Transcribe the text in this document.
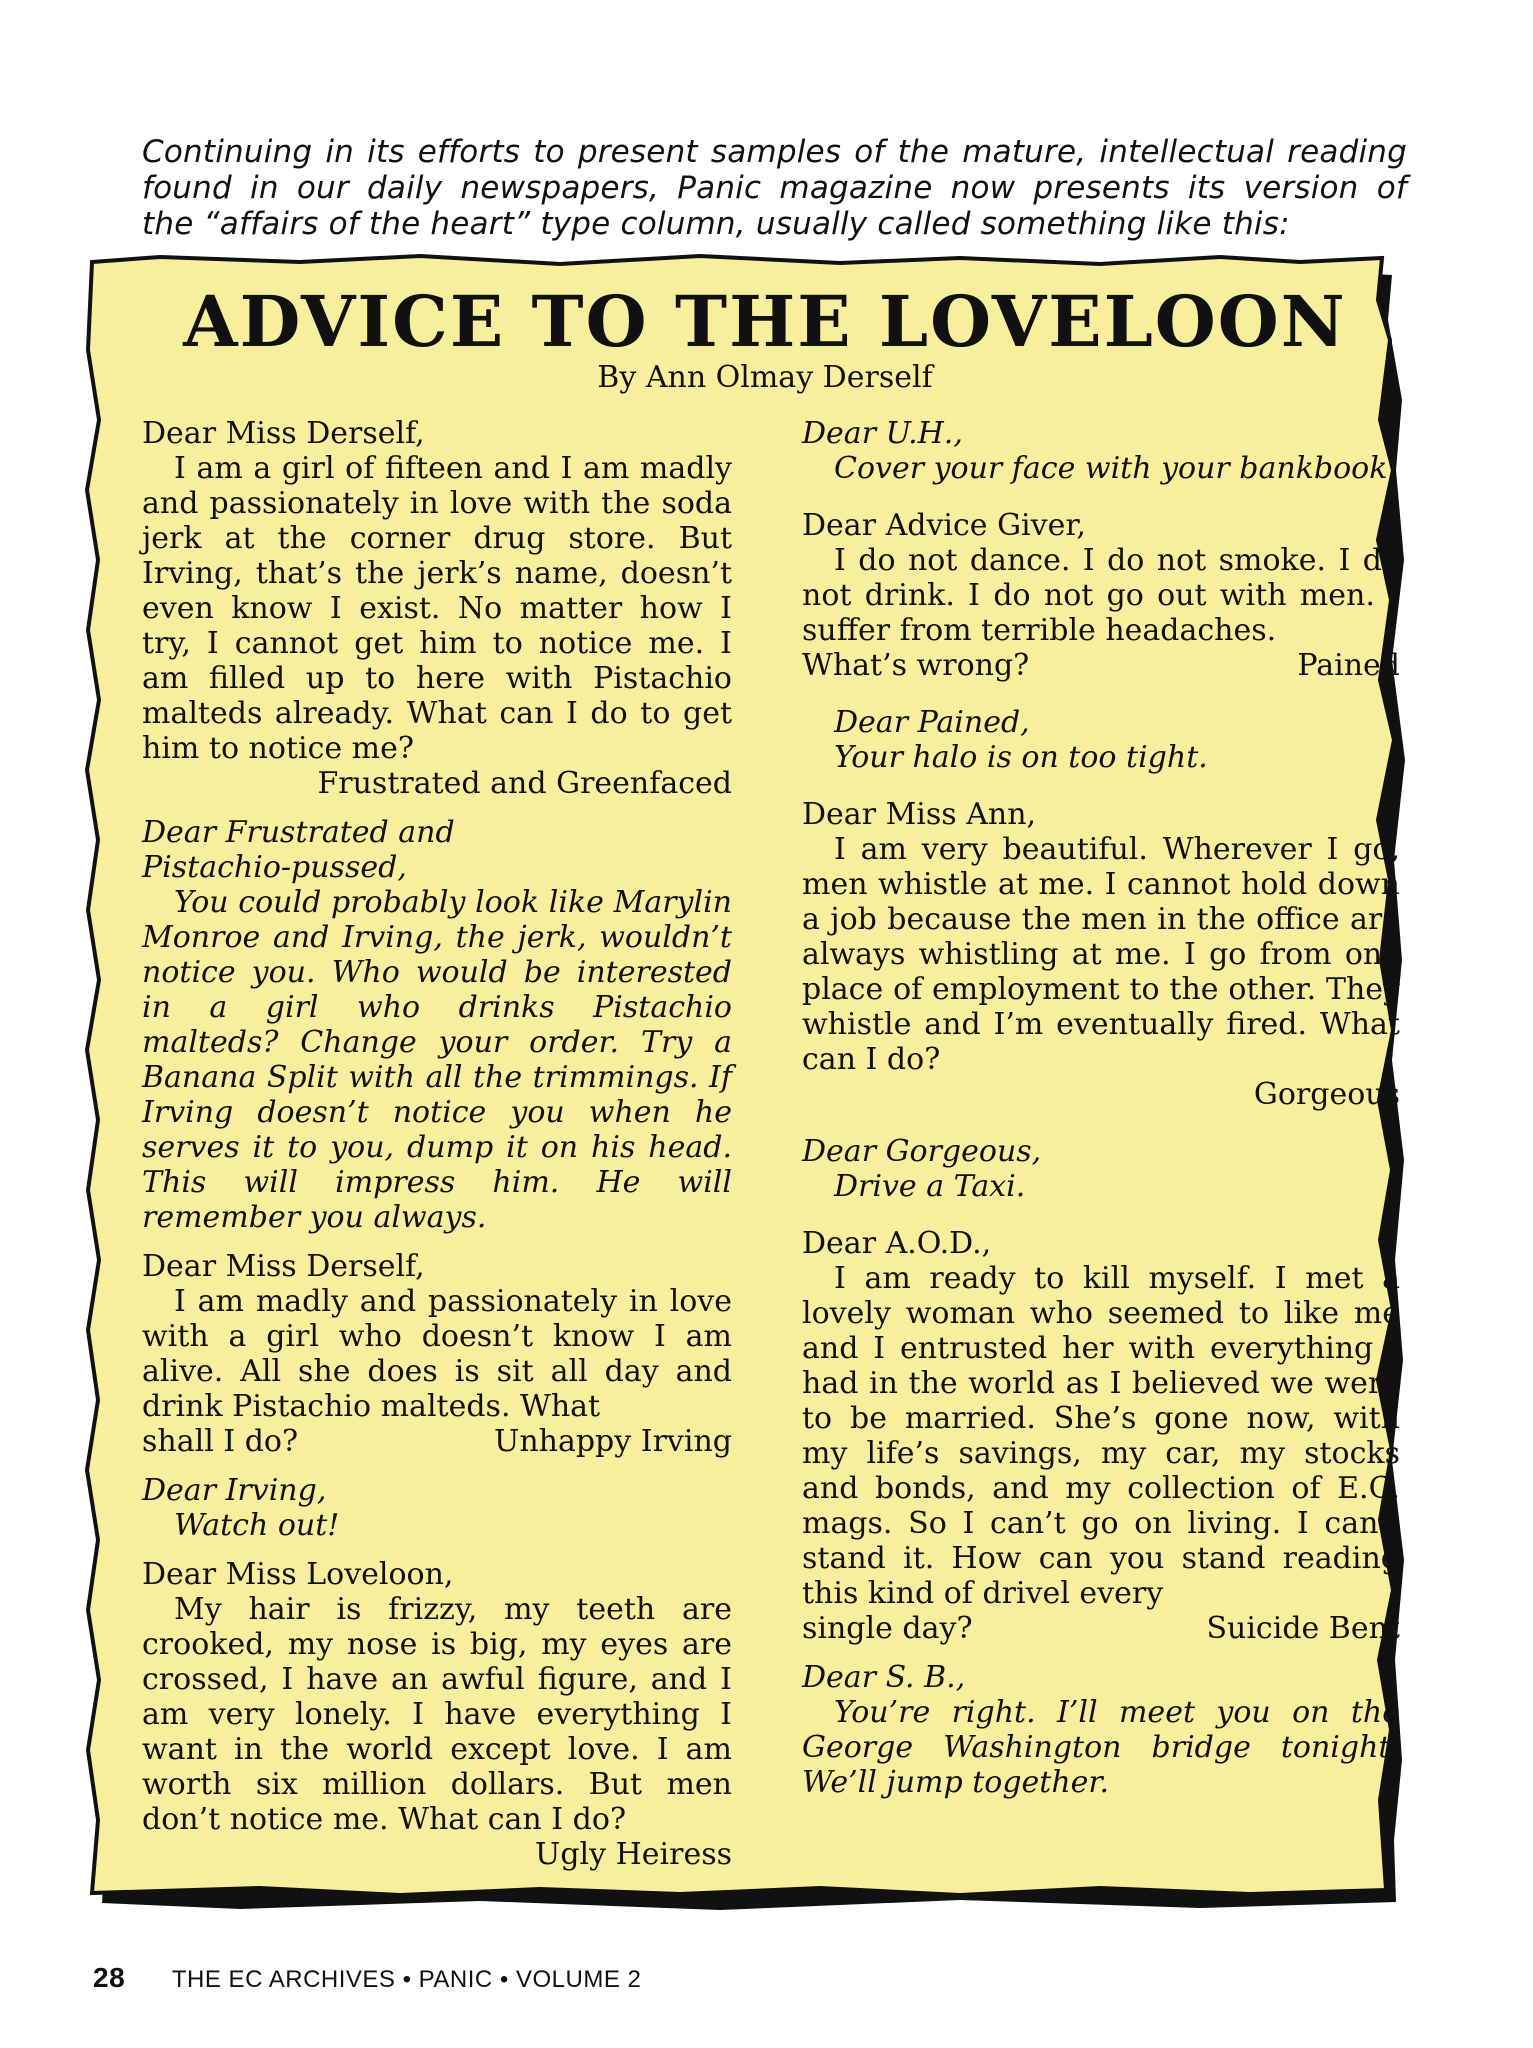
Continuing in its efforts to present samples of the mature, intellectual reading
found in our daily newspapers, Panic magazine now presents its version of
the “affairs of the heart” type column, usually called something like this:

ADVICE TO THE LOVELOON

By Ann Olmay Derself

Dear Miss Derself,

I am a girl of fifteen and I am madly and passionately in love with the soda jerk at the corner drug store. But Irving, that’s the jerk’s name, doesn’t even know I exist. No matter how I try, I cannot get him to notice me. I am filled up to here with Pistachio malteds already. What can I do to get him to notice me?

Frustrated and Greenfaced

Dear Frustrated and Pistachio-pussed,

You could probably look like Marylin Monroe and Irving, the jerk, wouldn’t notice you. Who would be interested in a girl who drinks Pistachio malteds? Change your order. Try a Banana Split with all the trimmings. If Irving doesn’t notice you when he serves it to you, dump it on his head. This will impress him. He will remember you always.

Dear Miss Derself,

I am madly and passionately in love with a girl who doesn’t know I am alive. All she does is sit all day and drink Pistachio malteds. What

shall I do?	Unhappy Irving

Dear Irving,

Watch out!

Dear Miss Loveloon,

My hair is frizzy, my teeth are crooked, my nose is big, my eyes are crossed, I have an awful figure, and I am very lonely. I have everything I want in the world except love. I am worth six million dollars. But men don’t notice me. What can I do?

Ugly Heiress

Dear U.H.,

Cover your face with your bankbook.

Dear Advice Giver,

I do not dance. I do not smoke. I do not drink. I do not go out with men. I suffer from terrible headaches.

What’s wrong?	Pained

Dear Pained,

Your halo is on too tight.

Dear Miss Ann,

I am very beautiful. Wherever I go, men whistle at me. I cannot hold down a job because the men in the office are always whistling at me. I go from one place of employment to the other. They whistle and I’m eventually fired. What can I do?

Gorgeous

Dear Gorgeous,

Drive a Taxi.

Dear A.O.D.,

I am ready to kill myself. I met a lovely woman who seemed to like me and I entrusted her with everything I had in the world as I believed we were to be married. She’s gone now, with my life’s savings, my car, my stocks and bonds, and my collection of E.C. mags. So I can’t go on living. I can’t stand it. How can you stand reading this kind of drivel every

single day?	Suicide Bent

Dear S. B.,

You’re right. I’ll meet you on the George Washington bridge tonight. We’ll jump together.

28 THE EC ARCHIVES • PANIC • VOLUME 2
